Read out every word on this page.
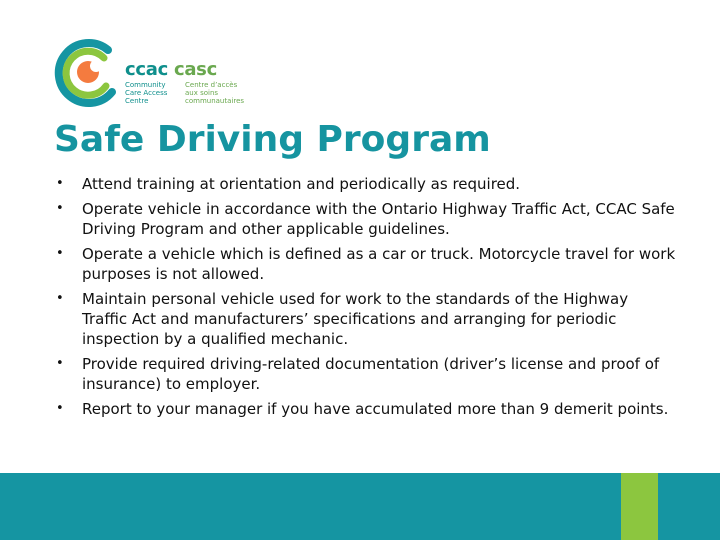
ccac casc
Community
Care Access
Centre
Centre d’accès
aux soins
communautaires
Safe Driving Program
• Attend training at orientation and periodically as required.
• Operate vehicle in accordance with the Ontario Highway Traffic Act, CCAC Safe Driving Program and other applicable guidelines.
• Operate a vehicle which is defined as a car or truck. Motorcycle travel for work purposes is not allowed.
• Maintain personal vehicle used for work to the standards of the Highway Traffic Act and manufacturers’ specifications and arranging for periodic inspection by a qualified mechanic.
• Provide required driving-related documentation (driver’s license and proof of insurance) to employer.
• Report to your manager if you have accumulated more than 9 demerit points.
